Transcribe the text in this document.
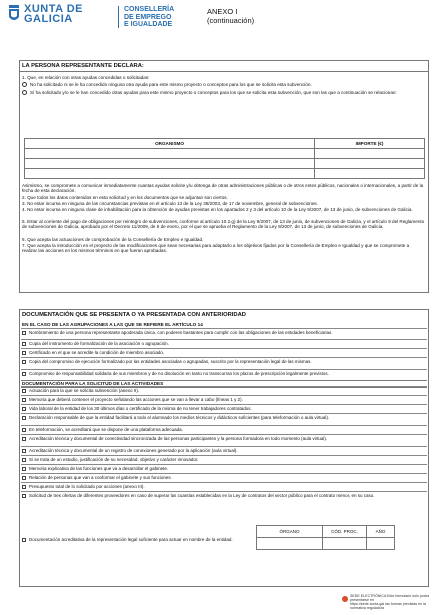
XUNTA DE GALICIA
CONSELLERÍA
DE EMPREGO
E IGUALDADE
ANEXO I
(continuación)
LA PERSONA REPRESENTANTE DECLARA:
1. Que, en relación con otras ayudas concedidas o solicitadas:
No ha solicitado ni se le ha concedido ninguna otra ayuda para este mismo proyecto o conceptos para los que se solicita esta subvención.
Sí ha solicitado y/o se le han concedido otras ayudas para este mismo proyecto o conceptos para los que se solicita esta subvención, que son las que a continuación se relacionan:
ORGANISMO	IMPORTE (€)

Asimismo, se compromete a comunicar inmediatamente cuantas ayudas solicite y/u obtenga de otras administraciones públicas o de otros entes públicos, nacionales o internacionales, a partir de la fecha de esta declaración.
2. Que todos los datos contenidos en esta solicitud y en los documentos que se adjuntan son ciertos.
3. No estar incursa en ninguna de las circunstancias previstas en el artículo 13 de la Ley 38/2003, de 17 de noviembre, general de subvenciones.
4. No estar incursa en ninguna clase de inhabilitación para la obtención de ayudas previstas en los apartados 2 y 3 del artículo 10 de la Ley 9/2007, de 13 de junio, de subvenciones de Galicia.
5. Estar al corriente del pago de obligaciones por reintegro de subvenciones, conforme al artículo 10.2.g) de la Ley 9/2007, de 13 de junio, de subvenciones de Galicia, y el artículo 9 del Reglamento de subvenciones de Galicia, aprobado por el Decreto 11/2009, de 8 de enero, por el que se aprueba el Reglamento de la Ley 9/2007, de 13 de junio, de subvenciones de Galicia.
6. Que acepta las actuaciones de comprobación de la Consellería de Empleo e Igualdad.
7. Que acepta la introducción en el proyecto de las modificaciones que sean necesarias para adaptarlo a los objetivos fijados por la Consellería de Empleo e Igualdad y que se compromete a realizar las acciones en los mismos términos en que fueran aprobadas.
DOCUMENTACIÓN QUE SE PRESENTA O YA PRESENTADA CON ANTERIORIDAD
EN EL CASO DE LAS AGRUPACIONES A LAS QUE SE REFIERE EL ARTÍCULO 14
Nombramiento de una persona representante apoderada única, con poderes bastantes para cumplir con las obligaciones de las entidades beneficiarias.
Copia del instrumento de formalización de la asociación o agrupación.
Certificado en el que se acredite la condición de miembro asociado.
Copia del compromiso de ejecución formalizado por las entidades asociadas o agrupadas, suscrito por la representación legal de las mismas.
Compromiso de responsabilidad solidaria de sus miembros y de no disolución en tanto no transcurran los plazos de prescripción legalmente previstos.
DOCUMENTACIÓN PARA LA SOLICITUD DE LAS ACTIVIDADES
Actuación para la que se solicita subvención (anexo II).
Memoria que deberá contener el proyecto señalando las acciones que se van a llevar a cabo (líneas 1 y 2).
Vida laboral de la entidad de los 30 últimos días o certificado de la misma de no tener trabajadores contratados.
Declaración responsable de que la entidad facilitará a todo el alumnado los medios técnicos y didácticos suficientes (para teleformación o aula virtual).
En teleformación, se acreditará que se dispone de una plataforma adecuada.
Acreditación técnica y documental de conectividad sincronizada de las personas participantes y la persona formadora en todo momento (aula virtual).
Acreditación técnica y documental de un registro de conexiones generado por la aplicación (aula virtual).
Si se trata de un estudio, justificación de su necesidad, objetivo y carácter innovador.
Memoria explicativa de las funciones que va a desarrollar el gabinete.
Relación de personas que van a conformar el gabinete y sus funciones.
Presupuesto total de lo solicitado por acciones (anexo III).
Solicitud de tres ofertas de diferentes proveedores en caso de superar las cuantías establecidas en la Ley de contratos del sector público para el contrato menor, en su caso.
ÓRGANO	CÓD. PROC.	AÑO

Documentación acreditativa de la representación legal suficiente para actuar en nombre de la entidad.
SEDE ELECTRÓNICA Este formulario solo podrá presentarse en
https://sede.xunta.gal las formas previstas en la normativa reguladora
